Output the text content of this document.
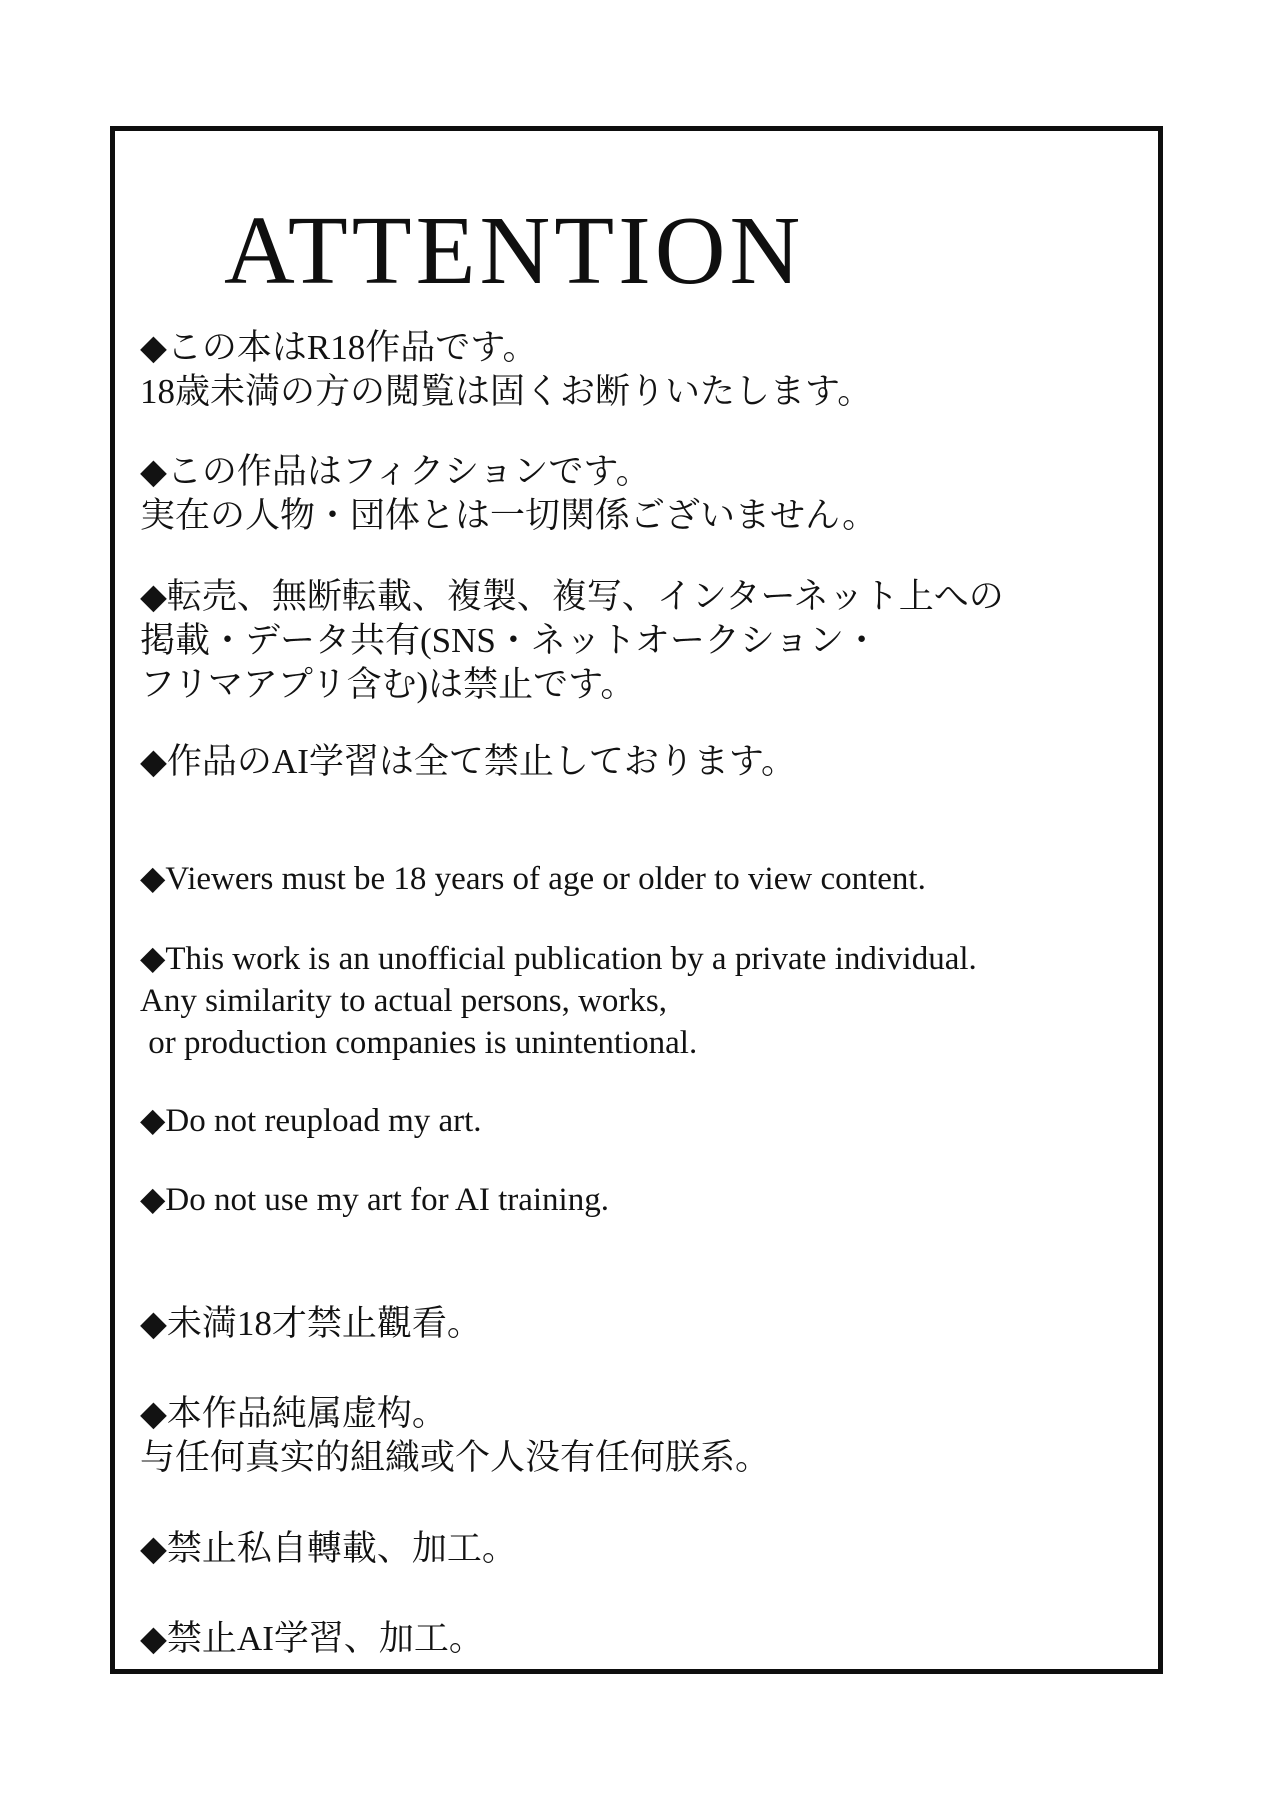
ATTENTION
◆この本はR18作品です。
18歳未満の方の閲覧は固くお断りいたします。
◆この作品はフィクションです。
実在の人物・団体とは一切関係ございません。
◆転売、無断転載、複製、複写、インターネット上への
掲載・データ共有(SNS・ネットオークション・
フリマアプリ含む)は禁止です。
◆作品のAI学習は全て禁止しております。
◆Viewers must be 18 years of age or older to view content.
◆This work is an unofficial publication by a private individual.
Any similarity to actual persons, works,
or production companies is unintentional.
◆Do not reupload my art.
◆Do not use my art for AI training.
◆未満18才禁止觀看。
◆本作品純属虚构。
与任何真实的組織或个人没有任何朕系。
◆禁止私自轉載、加工。
◆禁止AI学習、加工。
